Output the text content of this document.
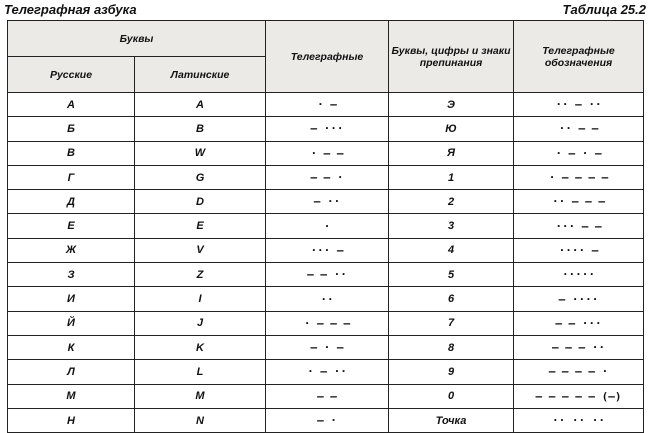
Телеграфная азбука	Таблица 25.2
Буквы		Телеграфные	Буквы, цифры и знаки препинания	Телеграфные обозначения
Русские	Латинские			
А	A	· –	Э	·· – ··
Б	B	– ···	Ю	·· – –
В	W	· – –	Я	· – · –
Г	G	– – ·	1	· – – – –
Д	D	– ··	2	·· – – –
Е	E	·	3	··· – –
Ж	V	··· –	4	···· –
З	Z	– – ··	5	·····
И	I	··	6	– ····
Й	J	· – – –	7	– – ···
К	K	– · –	8	– – – ··
Л	L	· – ··	9	– – – – ·
М	M	– –	0	– – – – – (–)
Н	N	– ·	Точка	·· ·· ··
